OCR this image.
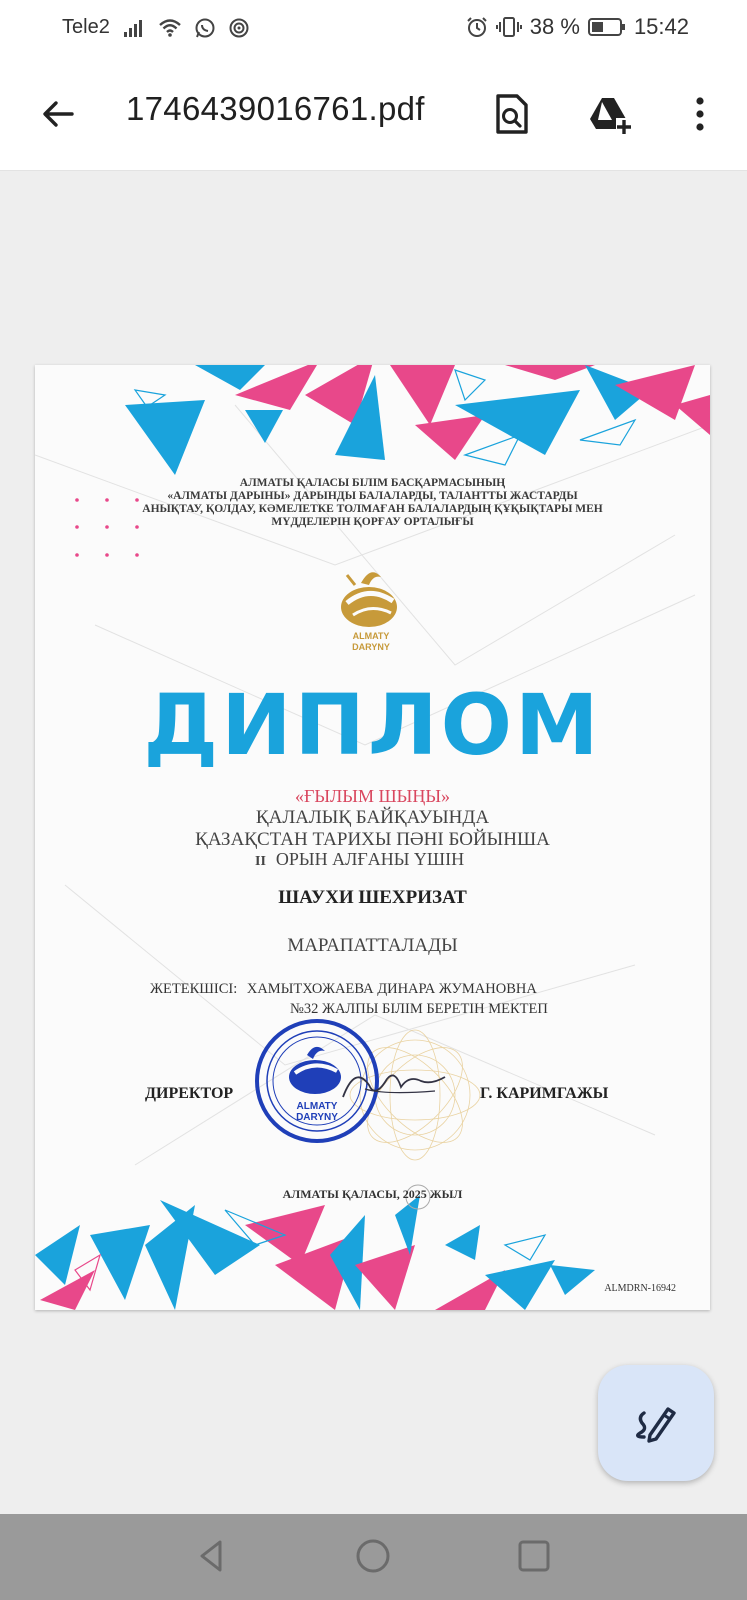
Tele2	38 % 15:42
1746439016761.pdf
АЛМАТЫ ҚАЛАСЫ БІЛІМ БАСҚАРМАСЫНЫҢ
«АЛМАТЫ ДАРЫНЫ» ДАРЫНДЫ БАЛАЛАРДЫ, ТАЛАНТТЫ ЖАСТАРДЫ
АНЫҚТАУ, ҚОЛДАУ, КӘМЕЛЕТКЕ ТОЛМАҒАН БАЛАЛАРДЫҢ ҚҰҚЫҚТАРЫ МЕН
МҮДДЕЛЕРІН ҚОРҒАУ ОРТАЛЫҒЫ
ALMATY
DARYNY
ДИПЛОМ
«ҒЫЛЫМ ШЫҢЫ»
ҚАЛАЛЫҚ БАЙҚАУЫНДА
ҚАЗАҚСТАН ТАРИХЫ ПӘНІ БОЙЫНША
II ОРЫН АЛҒАНЫ ҮШІН
ШАУХИ ШЕХРИЗАТ
МАРАПАТТАЛАДЫ
ЖЕТЕКШІСІ: ХАМЫТХОЖАЕВА ДИНАРА ЖУМАНОВНА
№32 ЖАЛПЫ БІЛІМ БЕРЕТІН МЕКТЕП
ДИРЕКТОР
ALMATY
DARYNY
Г. КАРИМГАЖЫ
АЛМАТЫ ҚАЛАСЫ, 2025 ЖЫЛ
ALMDRN-16942
